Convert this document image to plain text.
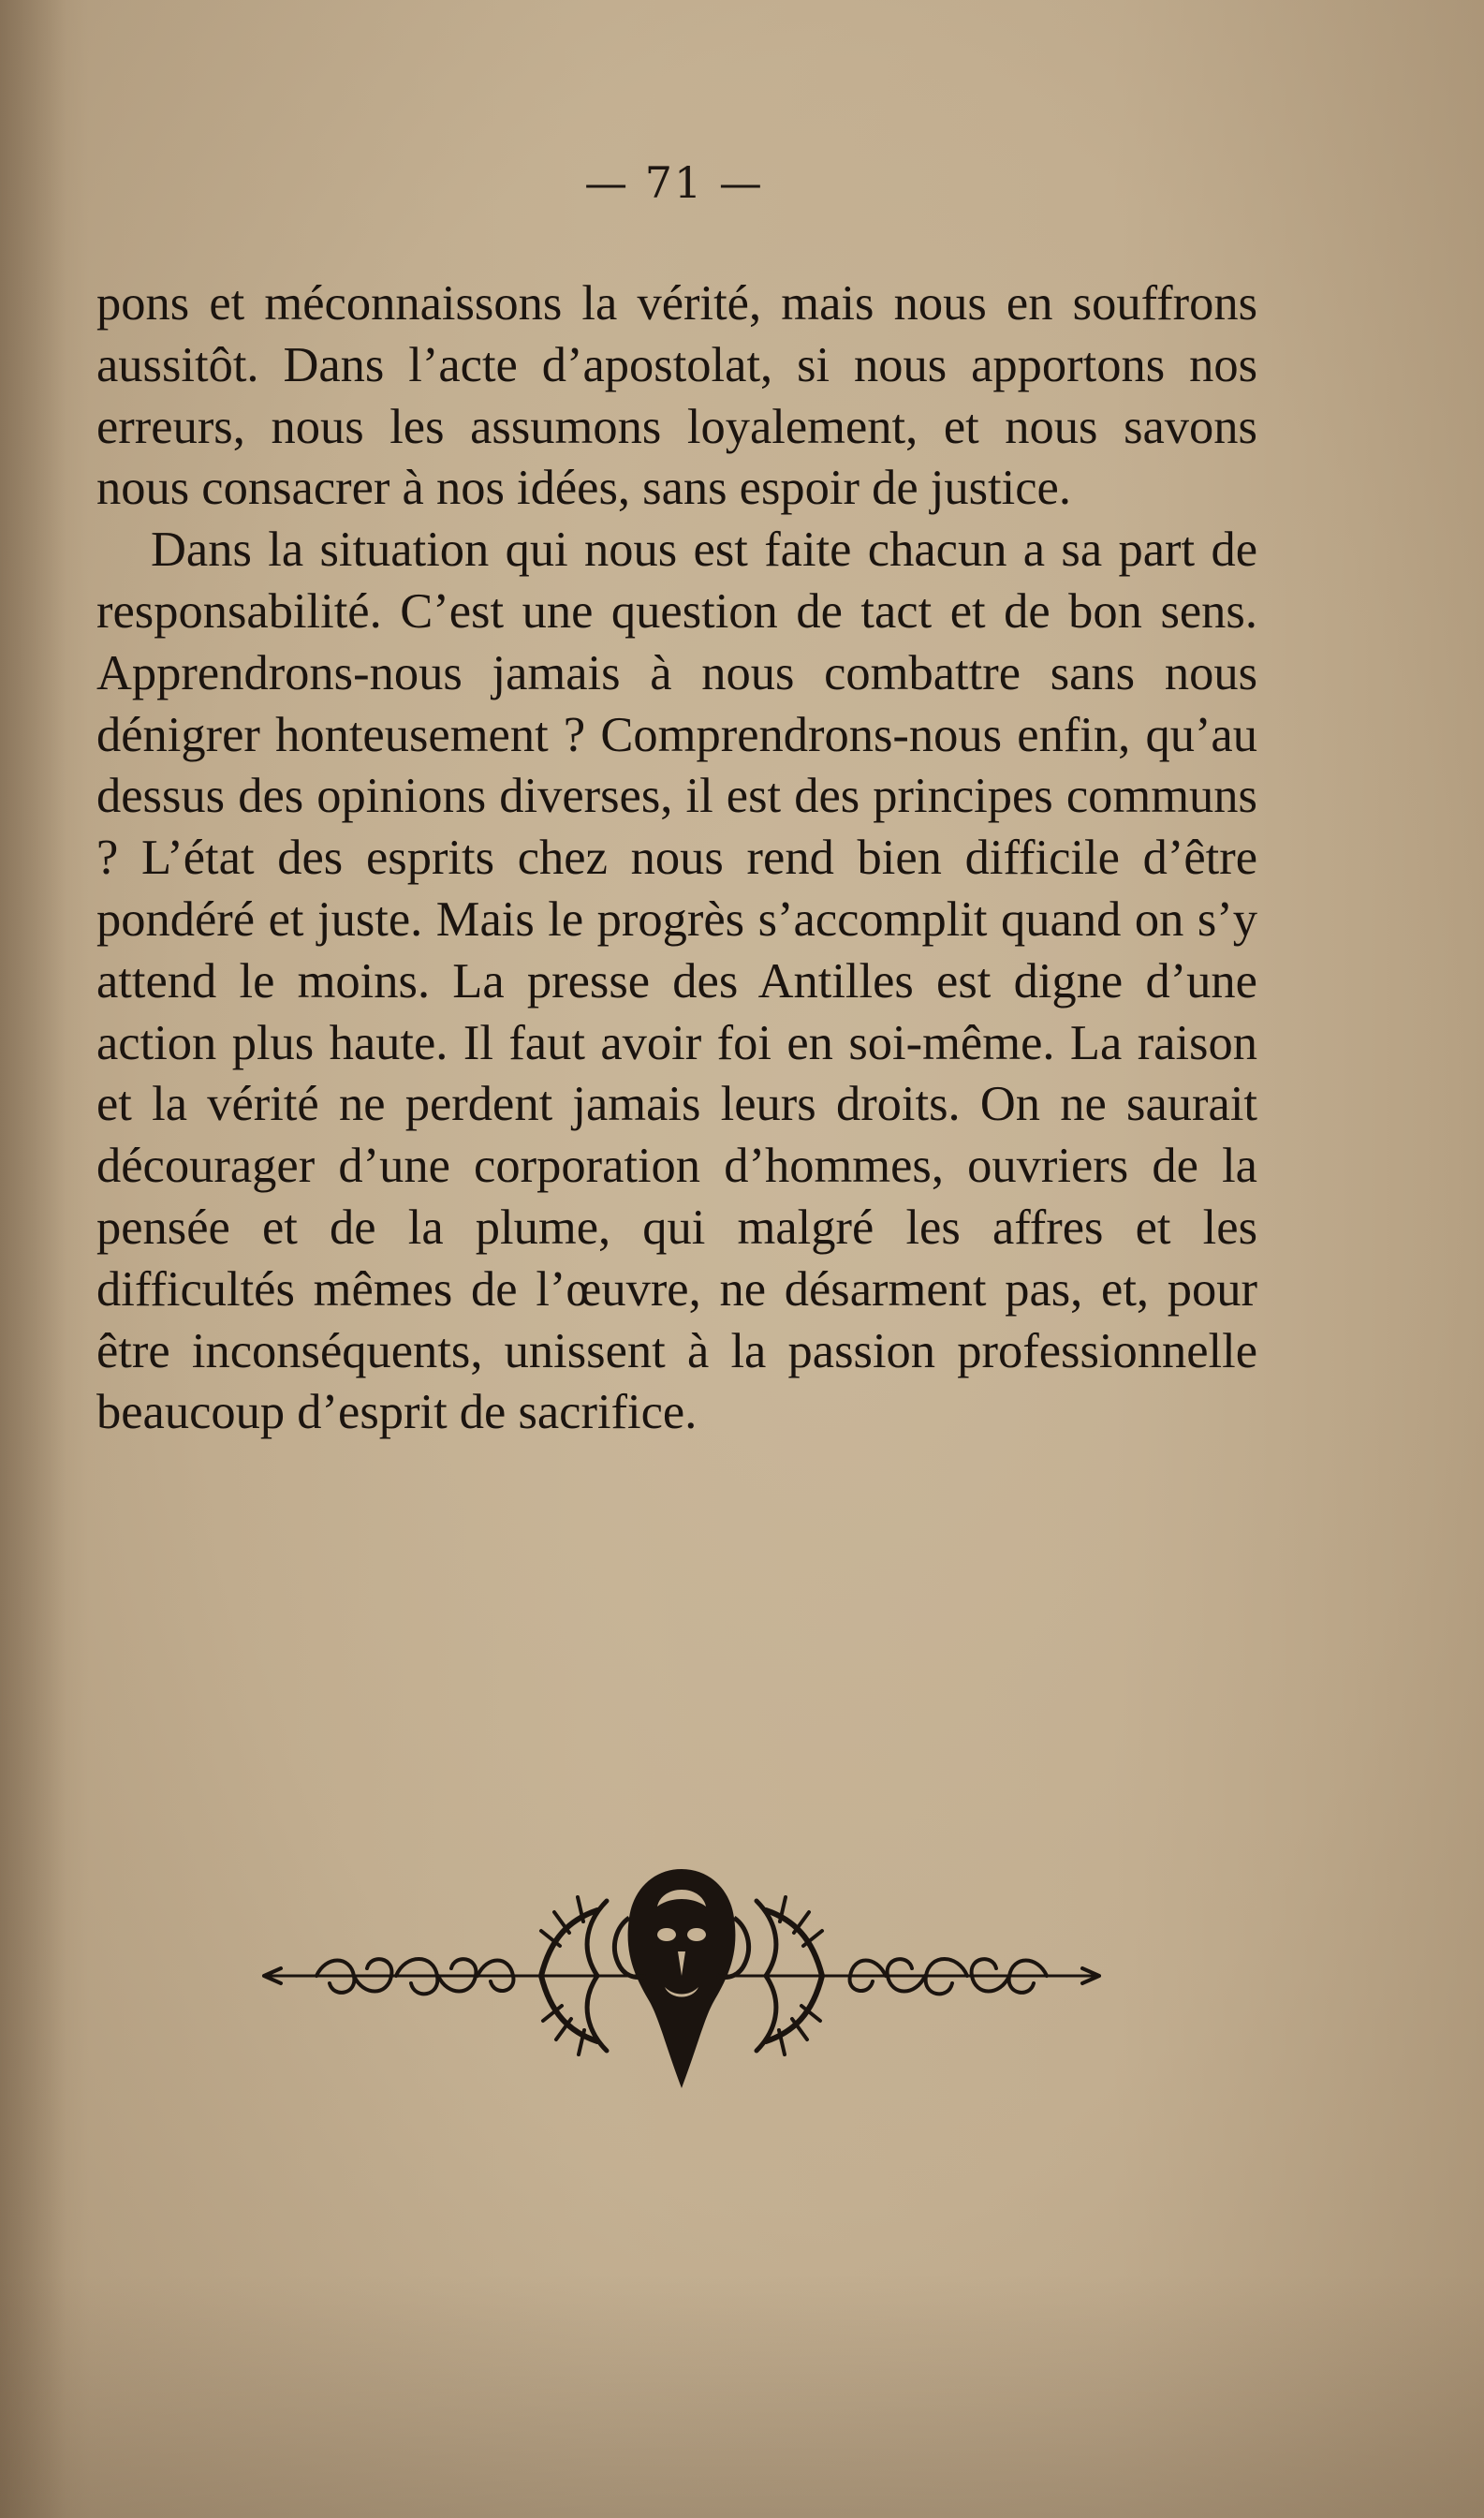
— 71 —

pons et méconnaissons la vérité, mais nous en souffrons aussitôt. Dans l’acte d’apostolat, si nous apportons nos erreurs, nous les assumons loyalement, et nous savons nous consacrer à nos idées, sans espoir de justice.

Dans la situation qui nous est faite chacun a sa part de responsabilité. C’est une question de tact et de bon sens. Apprendrons-nous jamais à nous combattre sans nous dénigrer honteusement ? Comprendrons-nous enfin, qu’au dessus des opinions diverses, il est des principes communs ? L’état des esprits chez nous rend bien difficile d’être pondéré et juste. Mais le progrès s’accomplit quand on s’y attend le moins. La presse des Antilles est digne d’une action plus haute. Il faut avoir foi en soi-même. La raison et la vérité ne perdent jamais leurs droits. On ne saurait décourager d’une corporation d’hommes, ouvriers de la pensée et de la plume, qui malgré les affres et les difficultés mêmes de l’œuvre, ne désarment pas, et, pour être inconséquents, unissent à la passion professionnelle beaucoup d’esprit de sacrifice.
